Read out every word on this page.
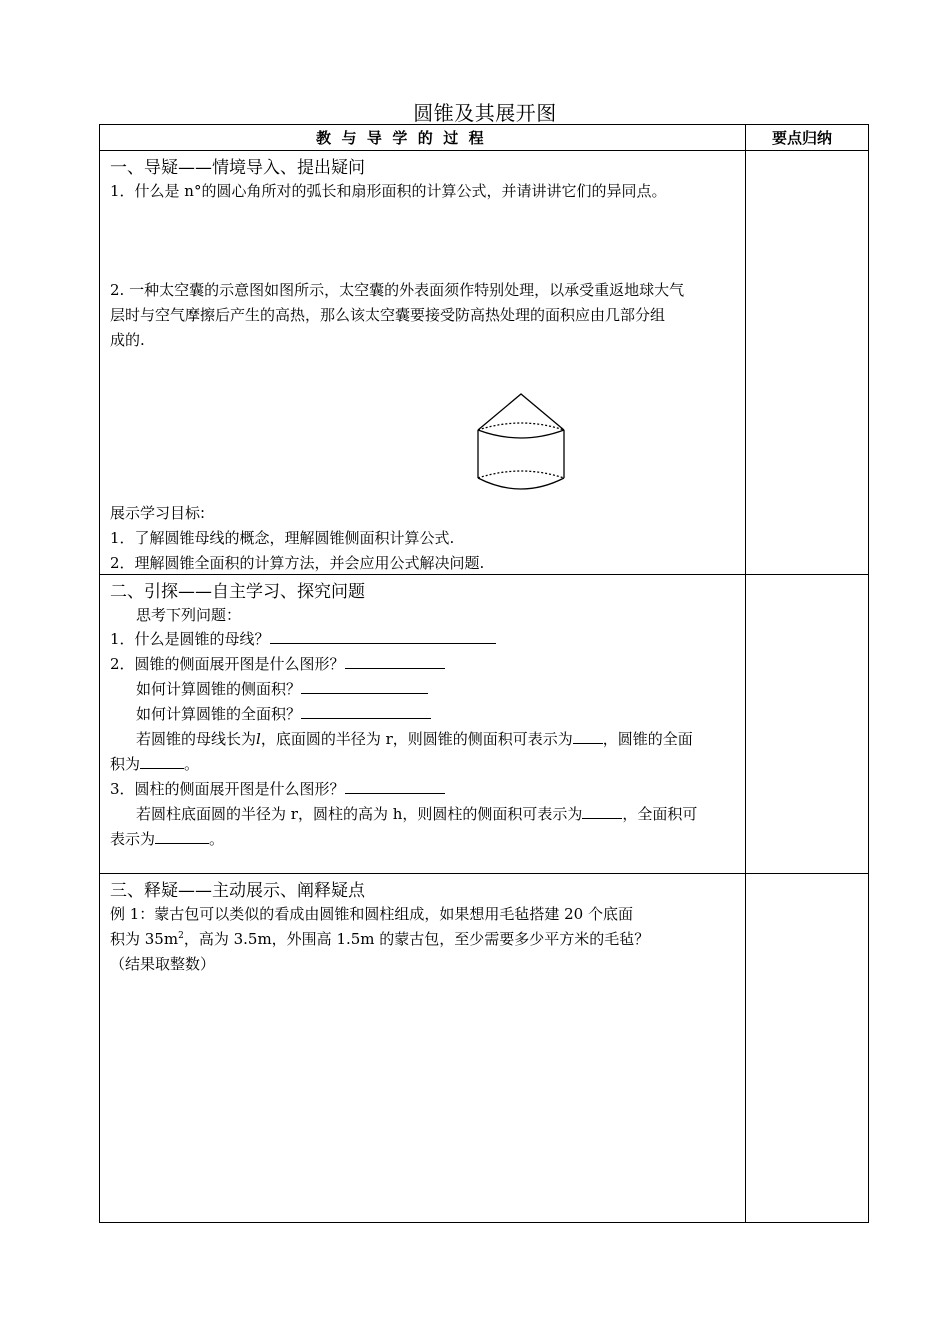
圆锥及其展开图
教  与  导  学  的  过  程	要点归纳
一、导疑——情境导入、提出疑问
1．什么是 n°的圆心角所对的弧长和扇形面积的计算公式，并请讲讲它们的异同点。
2. 一种太空囊的示意图如图所示，太空囊的外表面须作特别处理，以承受重返地球大气
层时与空气摩擦后产生的高热，那么该太空囊要接受防高热处理的面积应由几部分组
成的.
展示学习目标:
1．了解圆锥母线的概念，理解圆锥侧面积计算公式.
2．理解圆锥全面积的计算方法，并会应用公式解决问题.
二、引探——自主学习、探究问题
思考下列问题：
1．什么是圆锥的母线？
2．圆锥的侧面展开图是什么图形？
如何计算圆锥的侧面积？
如何计算圆锥的全面积？
若圆锥的母线长为l，底面圆的半径为 r，则圆锥的侧面积可表示为 ，圆锥的全面
积为	。
3．圆柱的侧面展开图是什么图形？
若圆柱底面圆的半径为 r，圆柱的高为 h，则圆柱的侧面积可表示为	，全面积可
表示为	。
三、释疑——主动展示、阐释疑点
例 1：蒙古包可以类似的看成由圆锥和圆柱组成，如果想用毛毡搭建 20 个底面
积为 $35m^2$，高为 3.5m，外围高 1.5m 的蒙古包，至少需要多少平方米的毛毡？
（结果取整数）
